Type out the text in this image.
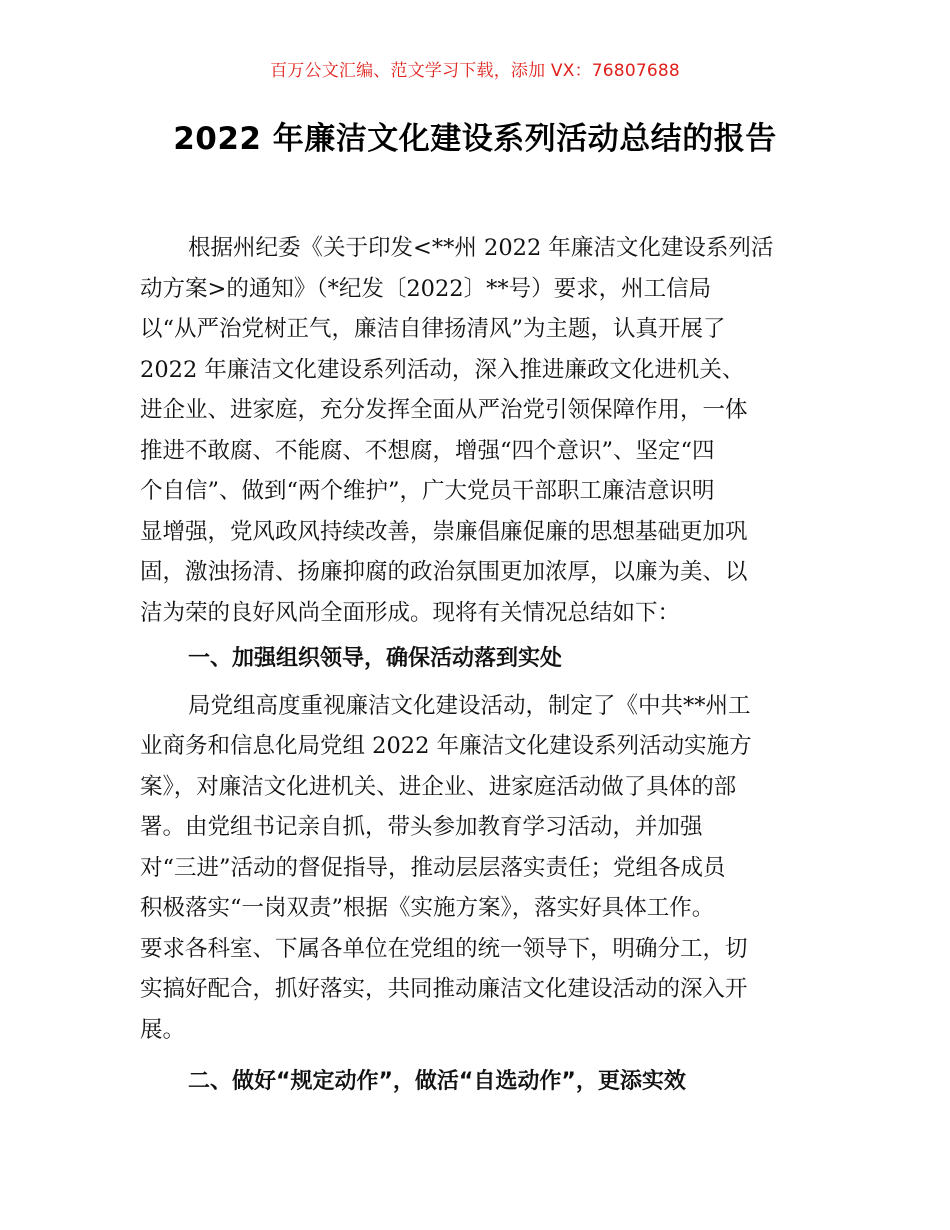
百万公文汇编、范文学习下载，添加 VX：76807688
2022 年廉洁文化建设系列活动总结的报告
根据州纪委《关于印发<**州 2022 年廉洁文化建设系列活
动方案>的通知》（*纪发〔2022〕**号）要求，州工信局
以“从严治党树正气，廉洁自律扬清风”为主题，认真开展了
2022 年廉洁文化建设系列活动，深入推进廉政文化进机关、
进企业、进家庭，充分发挥全面从严治党引领保障作用，一体
推进不敢腐、不能腐、不想腐，增强“四个意识”、坚定“四
个自信”、做到“两个维护”，广大党员干部职工廉洁意识明
显增强，党风政风持续改善，崇廉倡廉促廉的思想基础更加巩
固，激浊扬清、扬廉抑腐的政治氛围更加浓厚，以廉为美、以
洁为荣的良好风尚全面形成。现将有关情况总结如下：
一、加强组织领导，确保活动落到实处
局党组高度重视廉洁文化建设活动，制定了《中共**州工
业商务和信息化局党组 2022 年廉洁文化建设系列活动实施方
案》，对廉洁文化进机关、进企业、进家庭活动做了具体的部
署。由党组书记亲自抓，带头参加教育学习活动，并加强
对“三进”活动的督促指导，推动层层落实责任；党组各成员
积极落实“一岗双责”根据《实施方案》，落实好具体工作。
要求各科室、下属各单位在党组的统一领导下，明确分工，切
实搞好配合，抓好落实，共同推动廉洁文化建设活动的深入开
展。
二、做好“规定动作”，做活“自选动作”，更添实效
